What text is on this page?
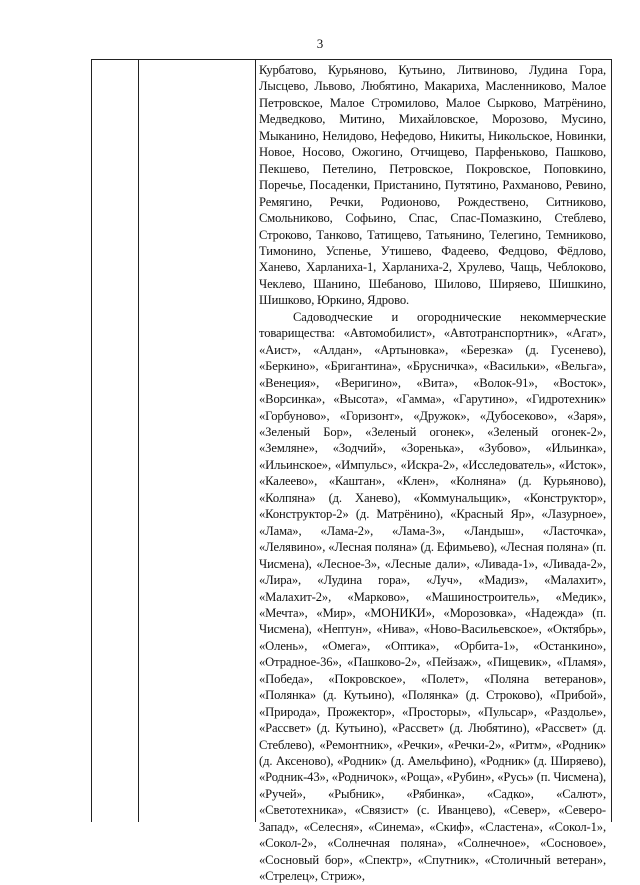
3

Курбатово, Курьяново, Кутьино, Литвиново, Лудина Гора, Лысцево, Львово, Любятино, Макариха, Масленниково, Малое Петровское, Малое Стромилово, Малое Сырково, Матрёнино, Медведково, Митино, Михайловское, Морозово, Мусино, Мыканино, Нелидово, Нефедово, Никиты, Никольское, Новинки, Новое, Носово, Ожогино, Отчищево, Парфеньково, Пашково, Пекшево, Петелино, Петровское, Покровское, Поповкино, Поречье, Посаденки, Пристанино, Путятино, Рахманово, Ревино, Ремягино, Речки, Родионово, Рождествено, Ситниково, Смольниково, Софьино, Спас, Спас-Помазкино, Стеблево, Строково, Танково, Татищево, Татьянино, Телегино, Темниково, Тимонино, Успенье, Утишево, Фадеево, Федцово, Фёдлово, Ханево, Харланиха-1, Харланиха-2, Хрулево, Чащь, Чеблоково, Чеклево, Шанино, Шебаново, Шилово, Ширяево, Шишкино, Шишково, Юркино, Ядрово.

Садоводческие и огороднические некоммерческие товарищества: «Автомобилист», «Автотранспортник», «Агат», «Аист», «Алдан», «Артыновка», «Березка» (д. Гусенево), «Беркино», «Бригантина», «Брусничка», «Васильки», «Вельга», «Венеция», «Веригино», «Вита», «Волок-91», «Восток», «Ворсинка», «Высота», «Гамма», «Гарутино», «Гидротехник» «Горбуново», «Горизонт», «Дружок», «Дубосеково», «Заря», «Зеленый Бор», «Зеленый огонек», «Зеленый огонек-2», «Земляне», «Зодчий», «Зоренька», «Зубово», «Ильинка», «Ильинское», «Импульс», «Искра-2», «Исследователь», «Исток», «Калеево», «Каштан», «Клен», «Колняна» (д. Курьяново), «Колпяна» (д. Ханево), «Коммунальщик», «Конструктор», «Конструктор-2» (д. Матрёнино), «Красный Яр», «Лазурное», «Лама», «Лама-2», «Лама-3», «Ландыш», «Ласточка», «Лелявино», «Лесная поляна» (д. Ефимьево), «Лесная поляна» (п. Чисмена), «Лесное-3», «Лесные дали», «Ливада-1», «Ливада-2», «Лира», «Лудина гора», «Луч», «Мадиз», «Малахит», «Малахит-2», «Марково», «Машиностроитель», «Медик», «Мечта», «Мир», «МОНИКИ», «Морозовка», «Надежда» (п. Чисмена), «Нептун», «Нива», «Ново-Васильевское», «Октябрь», «Олень», «Омега», «Оптика», «Орбита-1», «Останкино», «Отрадное-36», «Пашково-2», «Пейзаж», «Пищевик», «Пламя», «Победа», «Покровское», «Полет», «Поляна ветеранов», «Полянка» (д. Кутьино), «Полянка» (д. Строково), «Прибой», «Природа», Прожектор», «Просторы», «Пульсар», «Раздолье», «Рассвет» (д. Кутьино), «Рассвет» (д. Любятино), «Рассвет» (д. Стеблево), «Ремонтник», «Речки», «Речки-2», «Ритм», «Родник» (д. Аксеново), «Родник» (д. Амельфино), «Родник» (д. Ширяево), «Родник-43», «Родничок», «Роща», «Рубин», «Русь» (п. Чисмена), «Ручей», «Рыбник», «Рябинка», «Садко», «Салют», «Светотехника», «Связист» (с. Иванцево), «Север», «Северо-Запад», «Селесня», «Синема», «Скиф», «Сластена», «Сокол-1», «Сокол-2», «Солнечная поляна», «Солнечное», «Сосновое», «Сосновый бор», «Спектр», «Спутник», «Столичный ветеран», «Стрелец», Стриж»,
